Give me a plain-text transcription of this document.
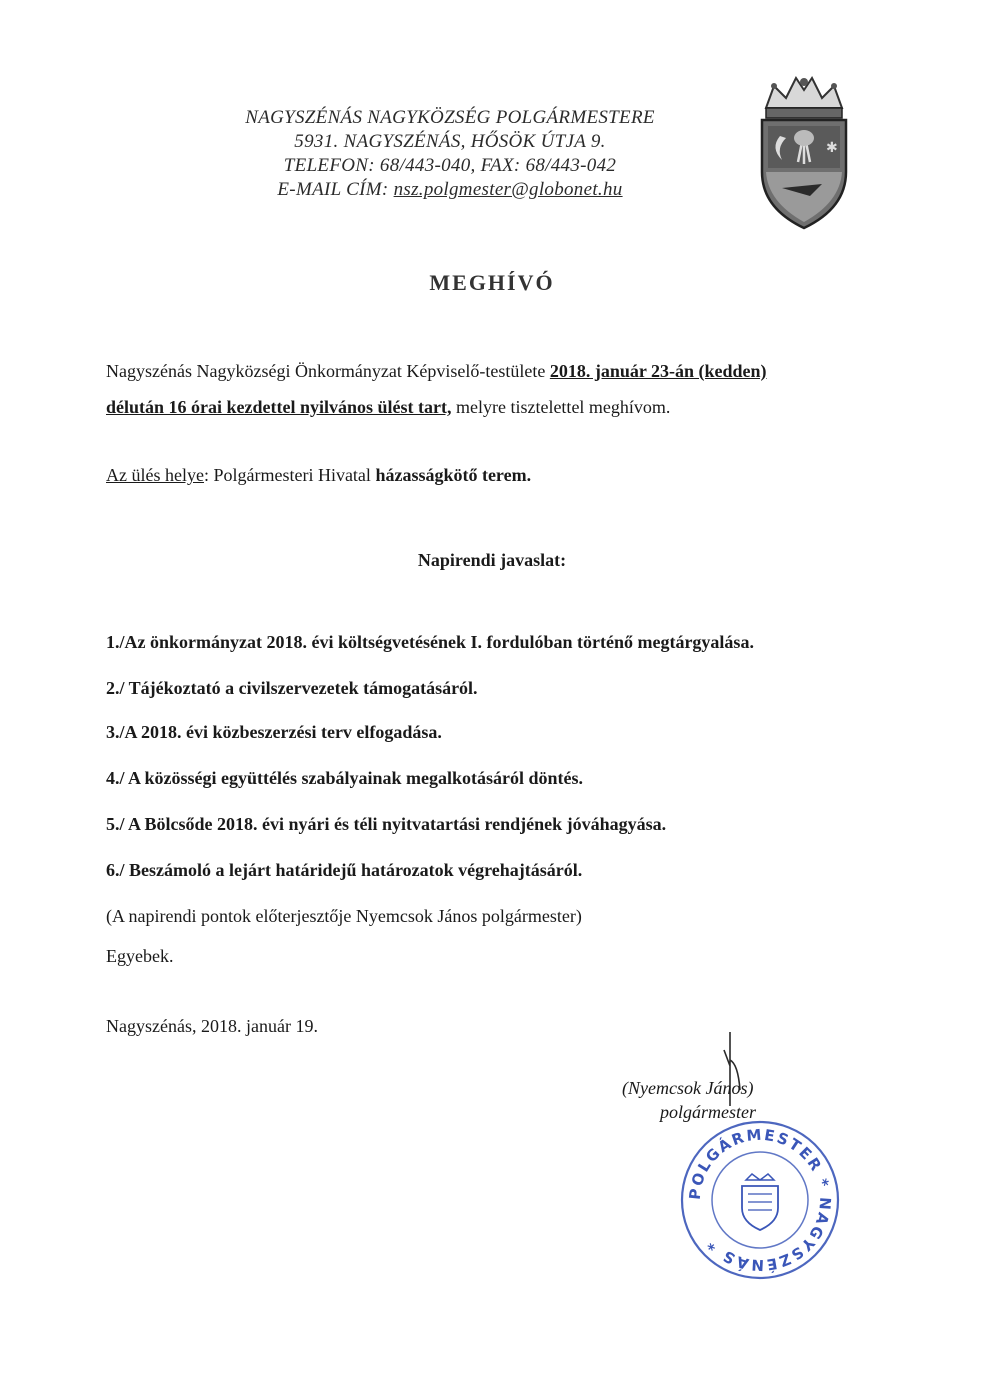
NAGYSZÉNÁS NAGYKÖZSÉG POLGÁRMESTERE
5931. NAGYSZÉNÁS, HŐSÖK ÚTJA 9.
TELEFON: 68/443-040, FAX: 68/443-042
E-MAIL CÍM: nsz.polgmester@globonet.hu
✱
MEGHÍVÓ
Nagyszénás Nagyközségi Önkormányzat Képviselő-testülete 2018. január 23-án (kedden)
délután 16 órai kezdettel nyilvános ülést tart, melyre tisztelettel meghívom.
Az ülés helye: Polgármesteri Hivatal házasságkötő terem.
Napirendi javaslat:
1./Az önkormányzat 2018. évi költségvetésének I. fordulóban történő megtárgyalása.
2./ Tájékoztató a civilszervezetek támogatásáról.
3./A 2018. évi közbeszerzési terv elfogadása.
4./ A közösségi együttélés szabályainak megalkotásáról döntés.
5./ A Bölcsőde 2018. évi nyári és téli nyitvatartási rendjének jóváhagyása.
6./ Beszámoló a lejárt határidejű határozatok végrehajtásáról.
(A napirendi pontok előterjesztője Nyemcsok János polgármester)
Egyebek.
Nagyszénás, 2018. január 19.
(Nyemcsok János)
polgármester
POLGÁRMESTER * NAGYSZÉNÁS *
